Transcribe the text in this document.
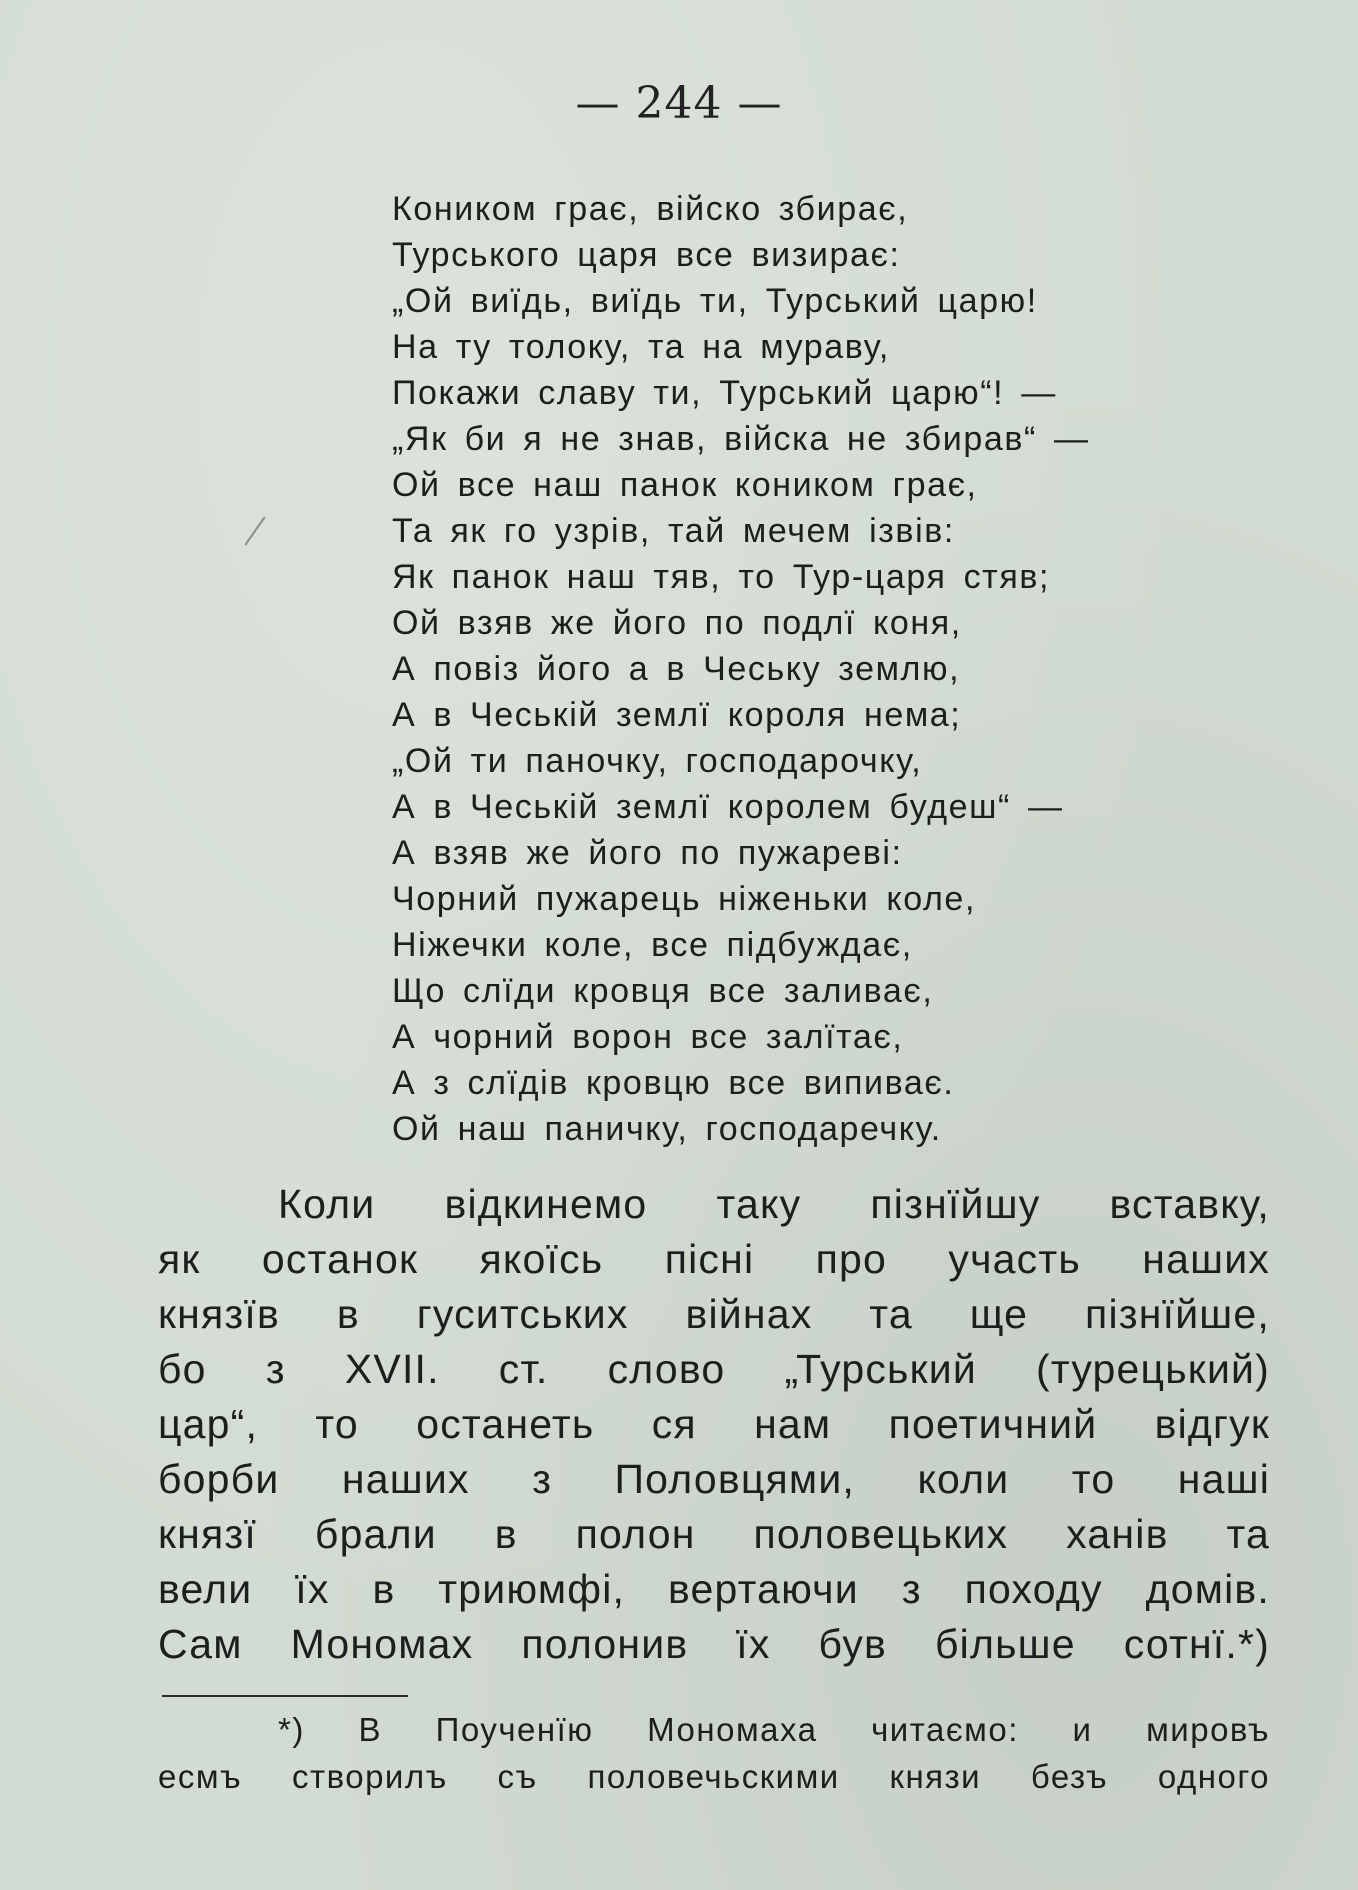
— 244 —
Коником грає, війско збирає,
Турського царя все визирає:
„Ой виїдь, виїдь ти, Турський царю!
На ту толоку, та на мураву,
Покажи славу ти, Турський царю“! —
„Як би я не знав, війска не збирав“ —
Ой все наш панок коником грає,
Та як го узрів, тай мечем ізвів:
Як панок наш тяв, то Тур-царя стяв;
Ой взяв же його по подлї коня,
А повіз його а в Чеську землю,
А в Чеській землї короля нема;
„Ой ти паночку, господарочку,
А в Чеській землї королем будеш“ —
А взяв же його по пужареві:
Чорний пужарець ніженьки коле,
Ніжечки коле, все підбуждає,
Що слїди кровця все заливає,
А чорний ворон все залїтає,
А з слїдів кровцю все випиває.
Ой наш паничку, господаречку.
Коли відкинемо таку пізнїйшу вставку,
як останок якоїсь пісні про участь наших
князїв в гуситських війнах та ще пізнїйше,
бо з XVII. ст. слово „Турський (турецький)
цар“, то останеть ся нам поетичний відгук
борби наших з Половцями, коли то наші
князї брали в полон половецьких ханів та
вели їх в триюмфі, вертаючи з походу домів.
Сам Мономах полонив їх був більше сотнї.*)
*) В Поученїю Мономаха читаємо: и мировъ
есмъ створилъ съ половечьскими князи безъ одного
